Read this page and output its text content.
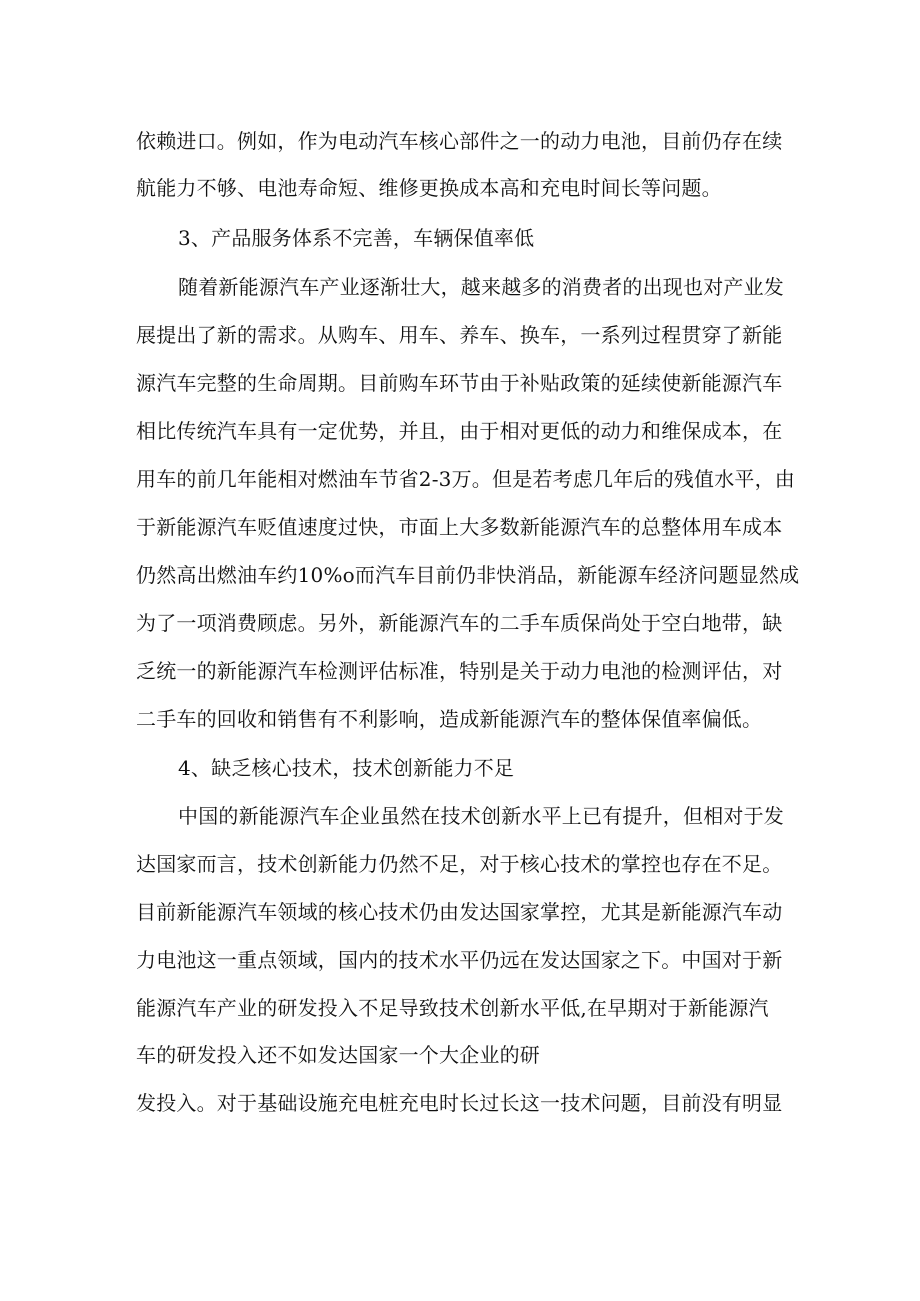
依赖进口。例如，作为电动汽车核心部件之一的动力电池，目前仍存在续
航能力不够、电池寿命短、维修更换成本高和充电时间长等问题。
3、产品服务体系不完善，车辆保值率低
随着新能源汽车产业逐渐壮大，越来越多的消费者的出现也对产业发
展提出了新的需求。从购车、用车、养车、换车，一系列过程贯穿了新能
源汽车完整的生命周期。目前购车环节由于补贴政策的延续使新能源汽车
相比传统汽车具有一定优势，并且，由于相对更低的动力和维保成本，在
用车的前几年能相对燃油车节省2-3万。但是若考虑几年后的残值水平，由
于新能源汽车贬值速度过快，市面上大多数新能源汽车的总整体用车成本
仍然高出燃油车约10%o而汽车目前仍非快消品，新能源车经济问题显然成
为了一项消费顾虑。另外，新能源汽车的二手车质保尚处于空白地带，缺
乏统一的新能源汽车检测评估标准，特别是关于动力电池的检测评估，对
二手车的回收和销售有不利影响，造成新能源汽车的整体保值率偏低。
4、缺乏核心技术，技术创新能力不足
中国的新能源汽车企业虽然在技术创新水平上已有提升，但相对于发
达国家而言，技术创新能力仍然不足，对于核心技术的掌控也存在不足。
目前新能源汽车领域的核心技术仍由发达国家掌控，尤其是新能源汽车动
力电池这一重点领域，国内的技术水平仍远在发达国家之下。中国对于新
能源汽车产业的研发投入不足导致技术创新水平低,在早期对于新能源汽
车的研发投入还不如发达国家一个大企业的研
发投入。对于基础设施充电桩充电时长过长这一技术问题，目前没有明显
